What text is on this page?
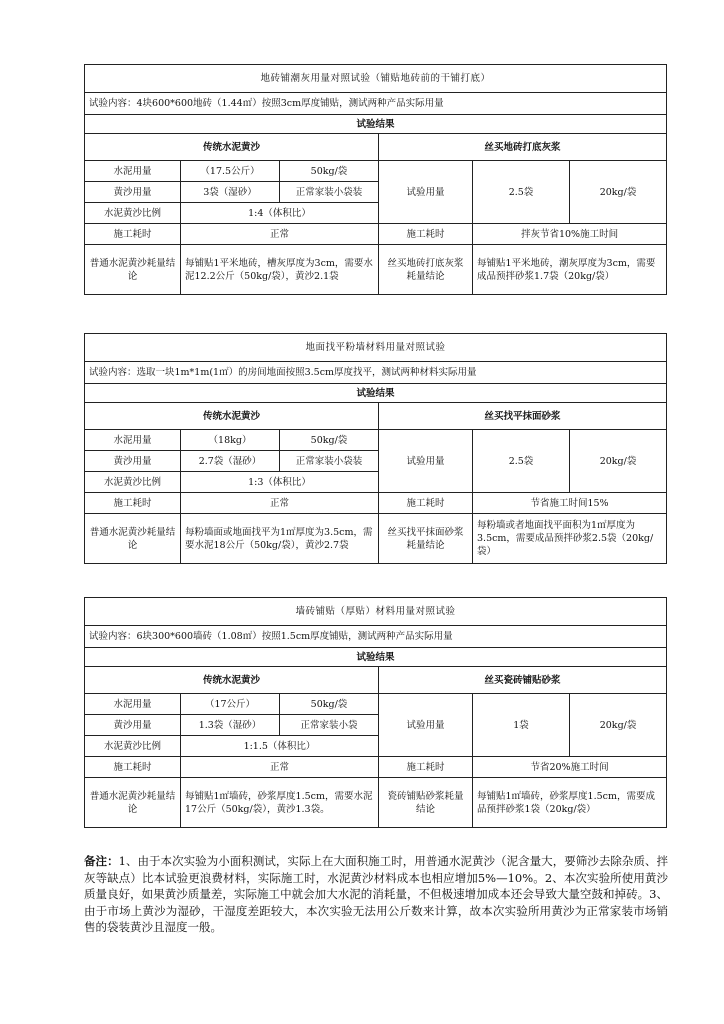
地砖铺潮灰用量对照试验（铺贴地砖前的干铺打底）					
试验内容：4块600*600地砖（1.44㎡）按照3cm厚度铺贴，测试两种产品实际用量					
试验结果					
传统水泥黄沙			丝买地砖打底灰浆		
水泥用量	（17.5公斤）	50kg/袋	试验用量	2.5袋	20kg/袋
黄沙用量	3袋（湿砂）	正常家装小袋装			
水泥黄沙比例	1:4（体积比）				
施工耗时	正常		施工耗时	拌灰节省10%施工时间	
普通水泥黄沙耗量结论	每铺贴1平米地砖，槽灰厚度为3cm，需要水泥12.2公斤（50kg/袋），黄沙2.1袋		丝买地砖打底灰浆耗量结论	每铺贴1平米地砖，潮灰厚度为3cm，需要成品预拌砂浆1.7袋（20kg/袋）	
地面找平粉墙材料用量对照试验					
试验内容：选取一块1m*1m(1㎡）的房间地面按照3.5cm厚度找平，测试两种材料实际用量					
试验结果					
传统水泥黄沙			丝买找平抹面砂浆		
水泥用量	（18kg）	50kg/袋	试验用量	2.5袋	20kg/袋
黄沙用量	2.7袋（湿砂）	正常家装小袋装			
水泥黄沙比例	1:3（体积比）				
施工耗时	正常		施工耗时	节省施工时间15%	
普通水泥黄沙耗量结论	每粉墙面或地面找平为1㎡厚度为3.5cm，需要水泥18公斤（50kg/袋），黄沙2.7袋		丝买找平抹面砂浆耗量结论	每粉墙或者地面找平面积为1㎡厚度为3.5cm，需要成品预拌砂浆2.5袋（20kg/袋）	
墙砖铺贴（厚贴）材料用量对照试验					
试验内容：6块300*600墙砖（1.08㎡）按照1.5cm厚度铺贴，测试两种产品实际用量					
试验结果					
传统水泥黄沙			丝买瓷砖铺贴砂浆		
水泥用量	（17公斤）	50kg/袋	试验用量	1袋	20kg/袋
黄沙用量	1.3袋（湿砂）	正常家装小袋			
水泥黄沙比例	1:1.5（体积比）				
施工耗时	正常		施工耗时	节省20%施工时间	
普通水泥黄沙耗量结论	每铺贴1㎡墙砖，砂浆厚度1.5cm，需要水泥17公斤（50kg/袋），黄沙1.3袋。		瓷砖铺贴砂浆耗量结论	每铺贴1㎡墙砖，砂浆厚度1.5cm，需要成品预拌砂浆1袋（20kg/袋）	
备注：1、由于本次实验为小面积测试，实际上在大面积施工时，用普通水泥黄沙（泥含量大，要筛沙去除杂质、拌灰等缺点）比本试验更浪费材料，实际施工时，水泥黄沙材料成本也相应增加5%—10%。2、本次实验所使用黄沙质量良好，如果黄沙质量差，实际施工中就会加大水泥的消耗量，不但极速增加成本还会导致大量空鼓和掉砖。3、由于市场上黄沙为湿砂，干湿度差距较大，本次实验无法用公斤数来计算，故本次实验所用黄沙为正常家装市场销售的袋装黄沙且湿度一般。
